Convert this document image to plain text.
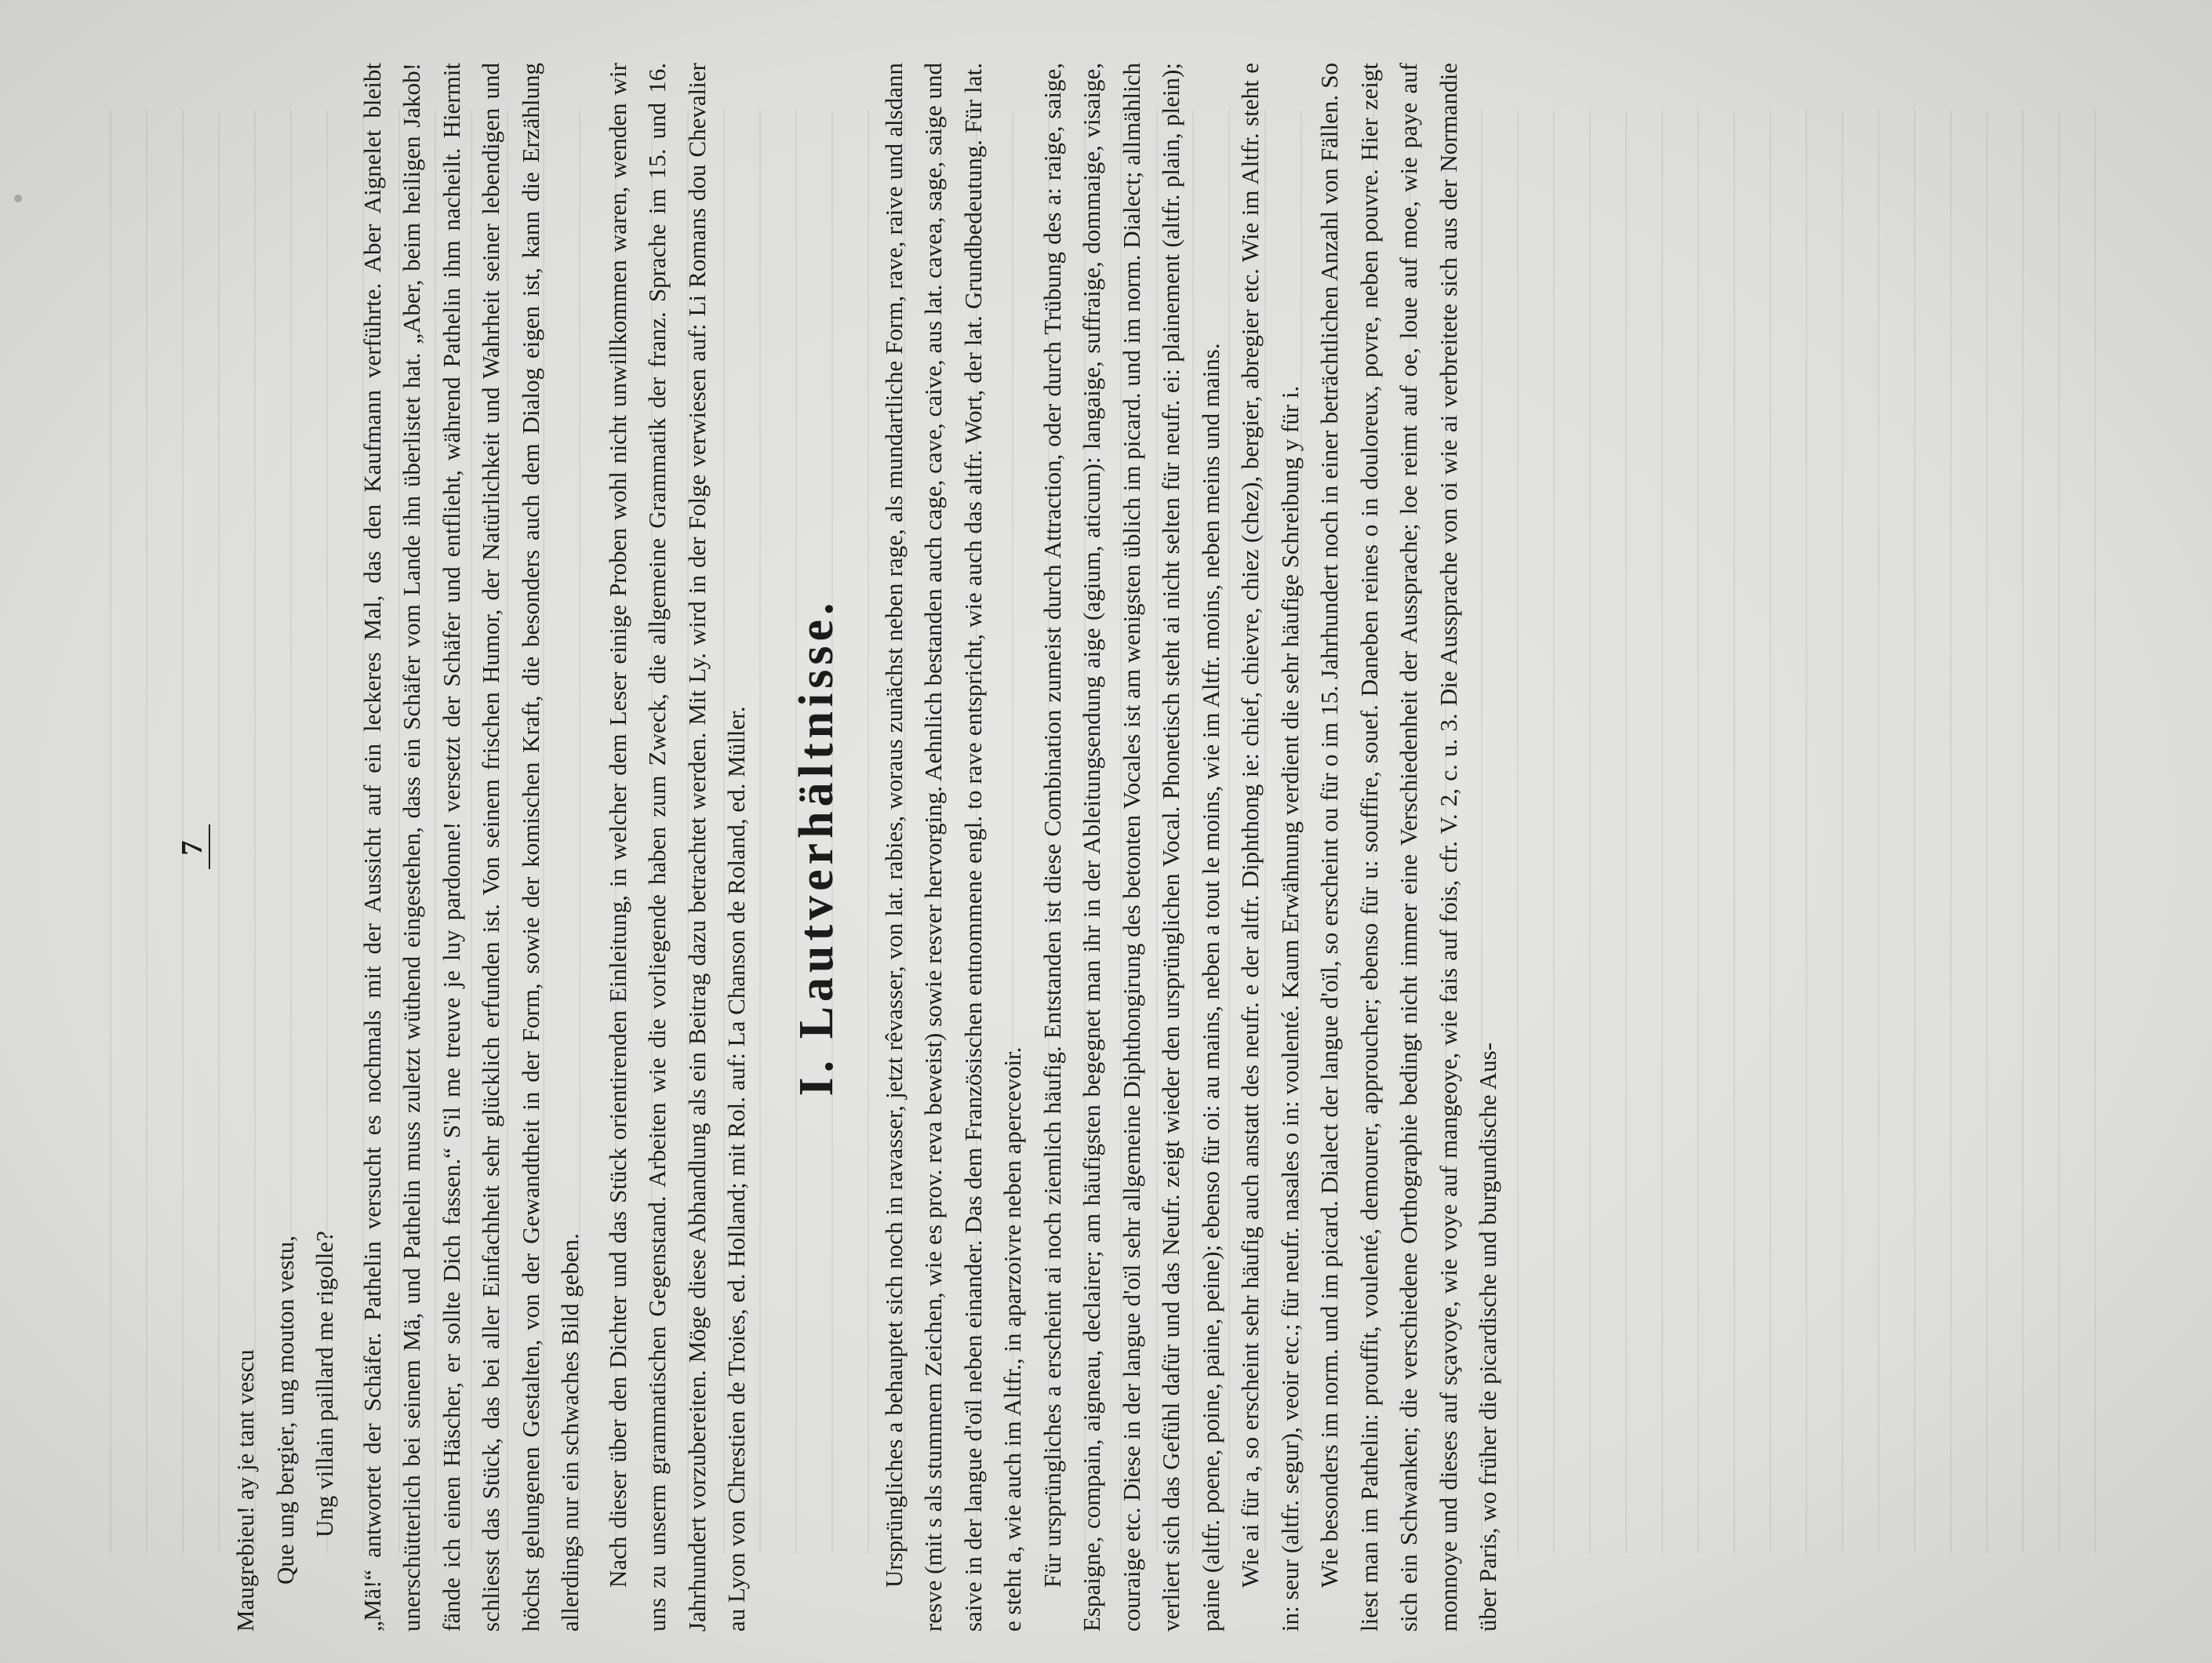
7
Maugrebieu! ay je tant vescu Que ung bergier, ung mouton vestu, Ung villain paillard me rigolle? „Mä!“ antwortet der Schäfer. Pathelin versucht es nochmals mit der Aussicht auf ein leckeres Mal, das den Kaufmann verführte. Aber Aignelet bleibt unerschütterlich bei seinem Mä, und Pathelin muss zuletzt wüthend eingestehen, dass ein Schäfer vom Lande ihn überlistet hat. „Aber, beim heiligen Jakob! fände ich einen Häscher, er sollte Dich fassen.“ S'il me treuve je luy pardonne! versetzt der Schäfer und entflieht, während Pathelin ihm nacheilt. Hiermit schliesst das Stück, das bei aller Einfachheit sehr glücklich erfunden ist. Von seinem frischen Humor, der Natürlichkeit und Wahrheit seiner lebendigen und höchst gelungenen Gestalten, von der Gewandtheit in der Form, sowie der komischen Kraft, die besonders auch dem Dialog eigen ist, kann die Erzählung allerdings nur ein schwaches Bild geben. Nach dieser über den Dichter und das Stück orientirenden Einleitung, in welcher dem Leser einige Proben wohl nicht unwillkommen waren, wenden wir uns zu unserm grammatischen Gegenstand. Arbeiten wie die vorliegende haben zum Zweck, die allgemeine Grammatik der franz. Sprache im 15. und 16. Jahrhundert vorzubereiten. Möge diese Abhandlung als ein Beitrag dazu betrachtet werden. Mit Ly. wird in der Folge verwiesen auf: Li Romans dou Chevalier au Lyon von Chrestien de Troies, ed. Holland; mit Rol. auf: La Chanson de Roland, ed. Müller. I. Lautverhältnisse. Ursprüngliches a behauptet sich noch in ravasser, jetzt rêvasser, von lat. rabies, woraus zunächst neben rage, als mundartliche Form, rave, raive und alsdann resve (mit s als stummem Zeichen, wie es prov. reva beweist) sowie resver hervorging. Aehnlich bestanden auch cage, cave, caive, aus lat. cavea, sage, saige und saive in der langue d'oïl neben einander. Das dem Französischen entnommene engl. to rave entspricht, wie auch das altfr. Wort, der lat. Grundbedeutung. Für lat. e steht a, wie auch im Altfr., in aparzoivre neben apercevoir. Für ursprüngliches a erscheint ai noch ziemlich häufig. Entstanden ist diese Combination zumeist durch Attraction, oder durch Trübung des a: raige, saige, Espaigne, compain, aigneau, declairer; am häufigsten begegnet man ihr in der Ableitungsendung aige (agium, aticum): langaige, suffraige, dommaige, visaige, couraige etc. Diese in der langue d'oïl sehr allgemeine Diphthongirung des betonten Vocales ist am wenigsten üblich im picard. und im norm. Dialect; allmählich verliert sich das Gefühl dafür und das Neufr. zeigt wieder den ursprünglichen Vocal. Phonetisch steht ai nicht selten für neufr. ei: plainement (altfr. plain, plein); paine (altfr. poene, poine, paine, peine); ebenso für oi: au mains, neben a tout le moins, wie im Altfr. moins, neben meins und mains. Wie ai für a, so erscheint sehr häufig auch anstatt des neufr. e der altfr. Diphthong ie: chief, chievre, chiez (chez), bergier, abregier etc. Wie im Altfr. steht e in: seur (altfr. segur), veoir etc.; für neufr. nasales o in: voulenté. Kaum Erwähnung verdient die sehr häufige Schreibung y für i. Wie besonders im norm. und im picard. Dialect der langue d'oïl, so erscheint ou für o im 15. Jahrhundert noch in einer beträchtlichen Anzahl von Fällen. So liest man im Pathelin: prouffit, voulenté, demourer, approucher; ebenso für u: souffire, souef. Daneben reines o in douloreux, povre, neben pouvre. Hier zeigt sich ein Schwanken; die verschiedene Orthographie bedingt nicht immer eine Verschiedenheit der Aussprache; loe reimt auf oe, loue auf moe, wie paye auf monnoye und dieses auf sçavoye, wie voye auf mangeoye, wie fais auf fois, cfr. V. 2, c. u. 3. Die Aussprache von oi wie ai verbreitete sich aus der Normandie über Paris, wo früher die picardische und burgundische Aus-
